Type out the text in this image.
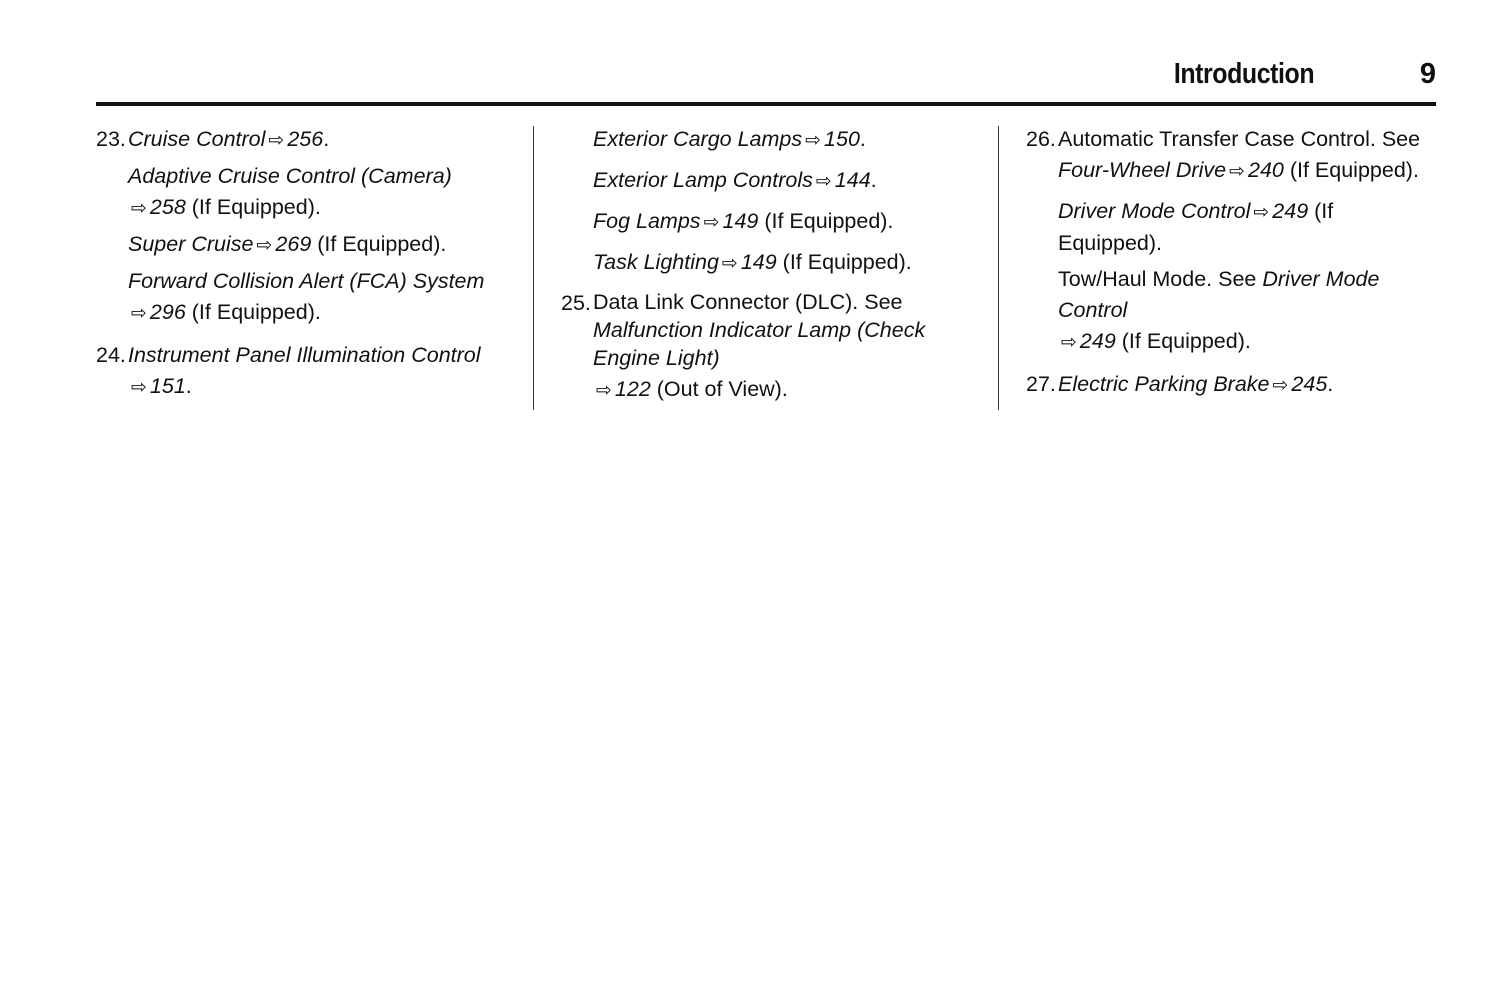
Introduction	9
23. Cruise Control ⇨ 256.
Adaptive Cruise Control (Camera)
⇨ 258 (If Equipped).
Super Cruise ⇨ 269 (If Equipped).
Forward Collision Alert (FCA) System
⇨ 296 (If Equipped).
24. Instrument Panel Illumination Control
⇨ 151.
Exterior Cargo Lamps ⇨ 150.
Exterior Lamp Controls ⇨ 144.
Fog Lamps ⇨ 149 (If Equipped).
Task Lighting ⇨ 149 (If Equipped).
25. Data Link Connector (DLC). See Malfunction Indicator Lamp (Check Engine Light)
⇨ 122 (Out of View).
26. Automatic Transfer Case Control. See Four-Wheel Drive ⇨ 240 (If Equipped).
Driver Mode Control ⇨ 249 (If Equipped).
Tow/Haul Mode. See Driver Mode Control
⇨ 249 (If Equipped).
27. Electric Parking Brake ⇨ 245.
